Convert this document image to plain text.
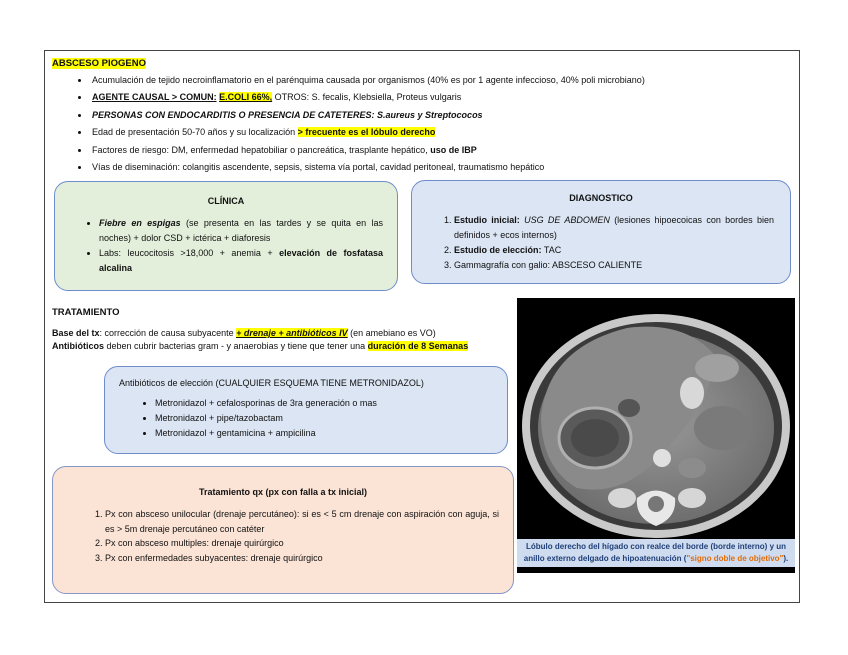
ABSCESO PIOGENO
• Acumulación de tejido necroinflamatorio en el parénquima causada por organismos (40% es por 1 agente infeccioso, 40% poli microbiano)
• AGENTE CAUSAL > COMUN: E.COLI 66%, OTROS: S. fecalis, Klebsiella, Proteus vulgaris
• PERSONAS CON ENDOCARDITIS O PRESENCIA DE CATETERES: S.aureus y Streptococos
• Edad de presentación 50-70 años y su localización > frecuente es el lóbulo derecho
• Factores de riesgo: DM, enfermedad hepatobiliar o pancreática, trasplante hepático, uso de IBP
• Vías de diseminación: colangitis ascendente, sepsis, sistema vía portal, cavidad peritoneal, traumatismo hepático
CLÍNICA
• Fiebre en espigas (se presenta en las tardes y se quita en las noches) + dolor CSD + ictérica + diaforesis
• Labs: leucocitosis >18,000 + anemia + elevación de fosfatasa alcalina
DIAGNOSTICO
1. Estudio inicial: USG DE ABDOMEN (lesiones hipoecoicas con bordes bien definidos + ecos internos)
2. Estudio de elección: TAC
3. Gammagrafía con galio: ABSCESO CALIENTE
TRATAMIENTO
Base del tx: corrección de causa subyacente + drenaje + antibióticos IV (en amebiano es VO)
Antibióticos deben cubrir bacterias gram - y anaerobias y tiene que tener una duración de 8 Semanas
Antibióticos de elección (CUALQUIER ESQUEMA TIENE METRONIDAZOL)
• Metronidazol + cefalosporinas de 3ra generación o mas
• Metronidazol + pipe/tazobactam
• Metronidazol + gentamicina + ampicilina
Tratamiento qx (px con falla a tx inicial)
1. Px con absceso unilocular (drenaje percutáneo): si es < 5 cm drenaje con aspiración con aguja, si es > 5m drenaje percutáneo con catéter
2. Px con absceso multiples: drenaje quirúrgico
3. Px con enfermedades subyacentes: drenaje quirúrgico
Lóbulo derecho del hígado con realce del borde (borde interno) y un anillo externo delgado de hipoatenuación ("signo doble de objetivo").
